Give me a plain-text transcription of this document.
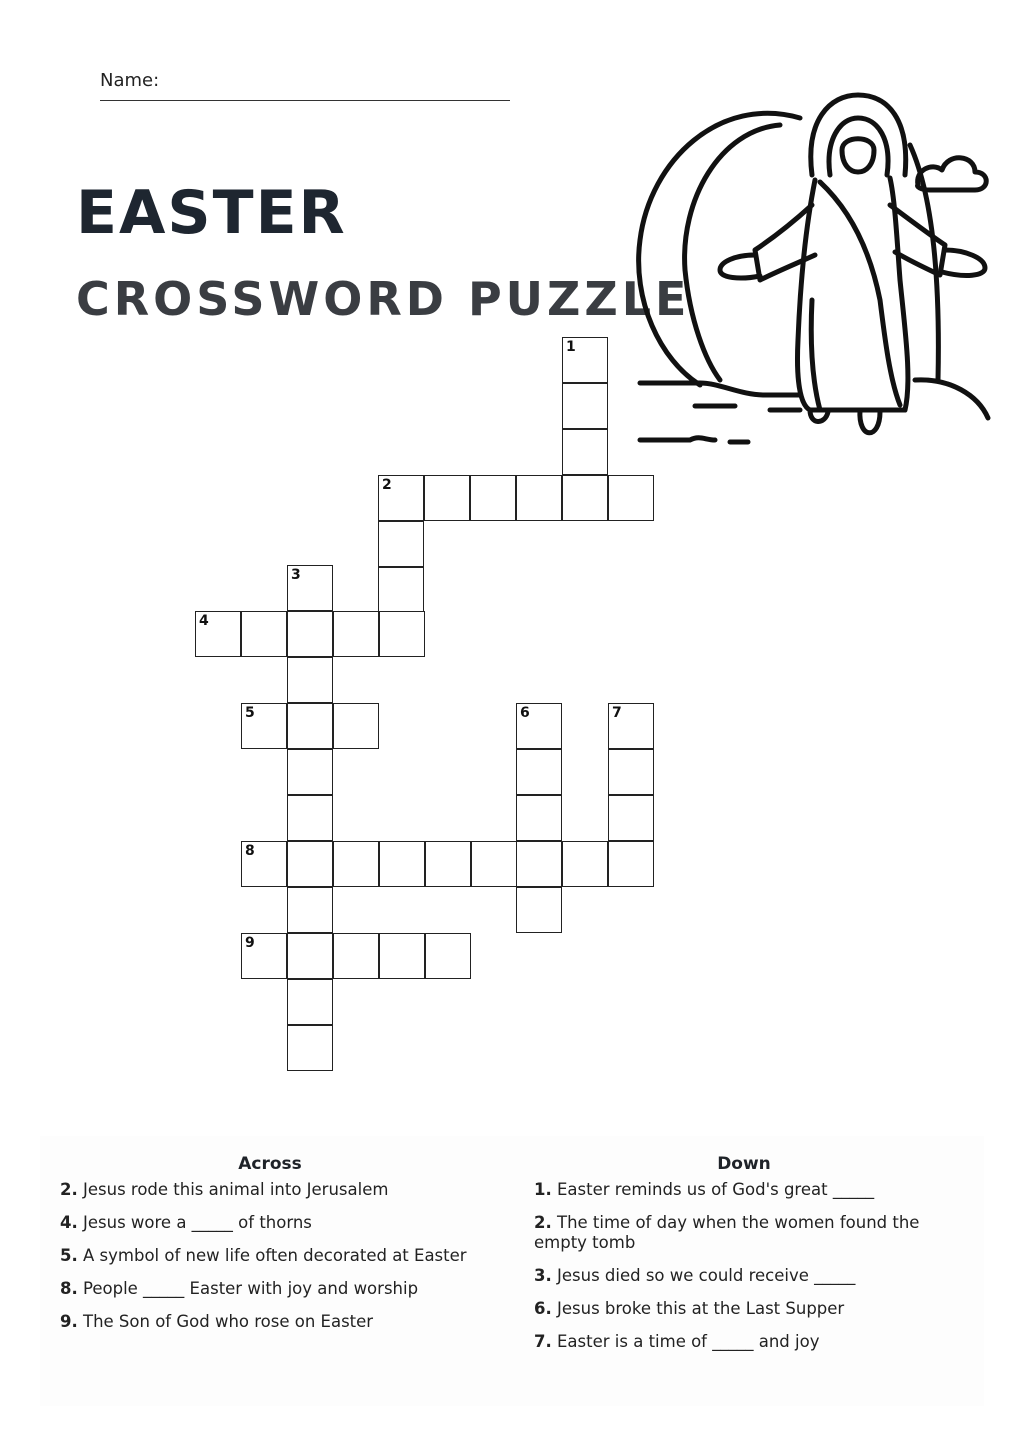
Name:
EASTER
CROSSWORD PUZZLE
1
2
3
4
5	6	7
8
9
Across
2. Jesus rode this animal into Jerusalem
4. Jesus wore a _____ of thorns
5. A symbol of new life often decorated at Easter
8. People _____ Easter with joy and worship
9. The Son of God who rose on Easter
Down
1. Easter reminds us of God's great _____
2. The time of day when the women found the empty tomb
3. Jesus died so we could receive _____
6. Jesus broke this at the Last Supper
7. Easter is a time of _____ and joy
